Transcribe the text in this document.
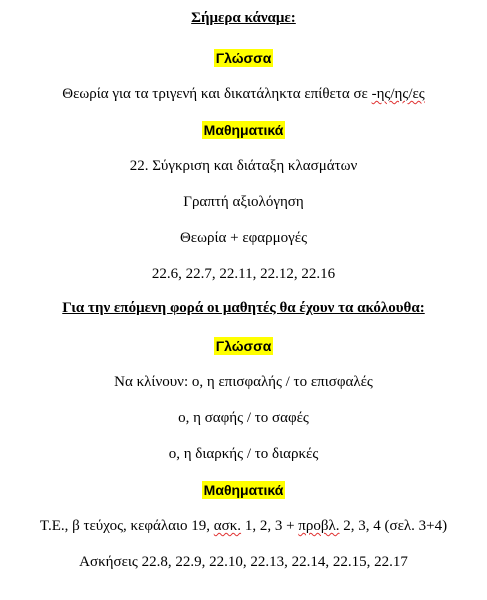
Σήμερα κάναμε:
Γλώσσα
Θεωρία για τα τριγενή και δικατάληκτα επίθετα σε -ης/ης/ες
Μαθηματικά
22. Σύγκριση και διάταξη κλασμάτων
Γραπτή αξιολόγηση
Θεωρία + εφαρμογές
22.6, 22.7, 22.11, 22.12, 22.16
Για την επόμενη φορά οι μαθητές θα έχουν τα ακόλουθα:
Γλώσσα
Να κλίνουν: ο, η επισφαλής / το επισφαλές
ο, η σαφής / το σαφές
ο, η διαρκής / το διαρκές
Μαθηματικά
Τ.Ε., β τεύχος, κεφάλαιο 19, ασκ. 1, 2, 3 + προβλ. 2, 3, 4 (σελ. 3+4)
Ασκήσεις 22.8, 22.9, 22.10, 22.13, 22.14, 22.15, 22.17
